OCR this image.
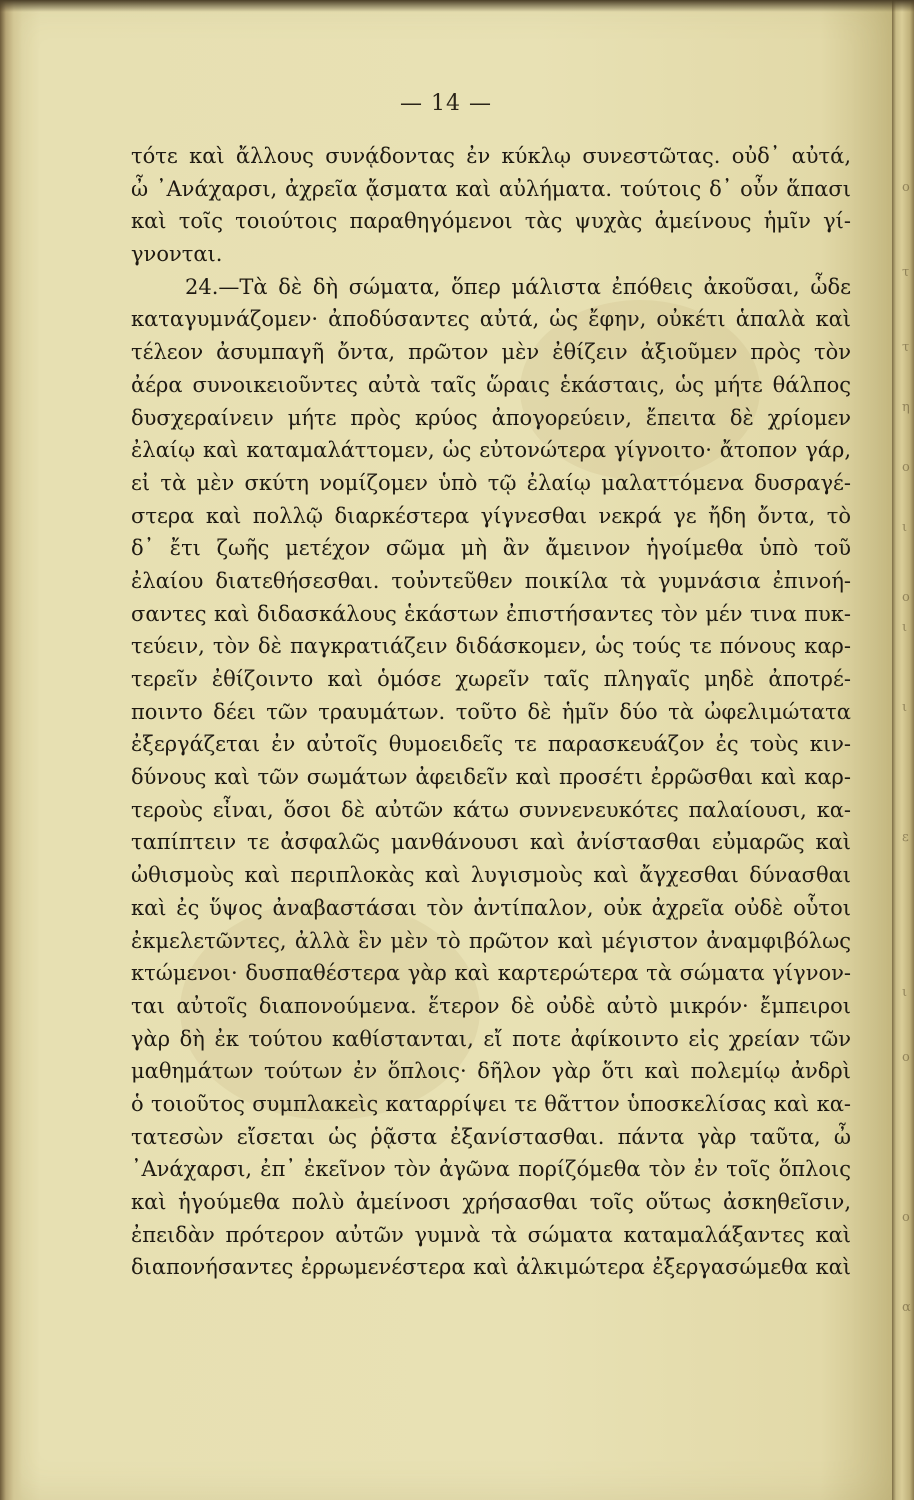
— 14 —
τότε καὶ ἄλλους συνᾴδοντας ἐν κύκλῳ συνεστῶτας. οὐδ᾽ αὐτά,
ὦ ᾽Ανάχαρσι, ἀχρεῖα ᾄσματα καὶ αὐλήματα. τούτοις δ᾽ οὖν ἅπασι
καὶ τοῖς τοιούτοις παραθηγόμενοι τὰς ψυχὰς ἀμείνους ἡμῖν γί-
γνονται.
24.—Τὰ δὲ δὴ σώματα, ὅπερ μάλιστα ἐπόθεις ἀκοῦσαι, ὧδε
καταγυμνάζομεν· ἀποδύσαντες αὐτά, ὡς ἔφην, οὐκέτι ἁπαλὰ καὶ
τέλεον ἀσυμπαγῆ ὄντα, πρῶτον μὲν ἐθίζειν ἀξιοῦμεν πρὸς τὸν
ἀέρα συνοικειοῦντες αὐτὰ ταῖς ὥραις ἑκάσταις, ὡς μήτε θάλπος
δυσχεραίνειν μήτε πρὸς κρύος ἀπογορεύειν, ἔπειτα δὲ χρίομεν
ἐλαίῳ καὶ καταμαλάττομεν, ὡς εὐτονώτερα γίγνοιτο· ἄτοπον γάρ,
εἰ τὰ μὲν σκύτη νομίζομεν ὑπὸ τῷ ἐλαίῳ μαλαττόμενα δυσραγέ-
στερα καὶ πολλῷ διαρκέστερα γίγνεσθαι νεκρά γε ἤδη ὄντα, τὸ
δ᾽ ἔτι ζωῆς μετέχον σῶμα μὴ ἂν ἄμεινον ἡγοίμεθα ὑπὸ τοῦ
ἐλαίου διατεθήσεσθαι. τοὐντεῦθεν ποικίλα τὰ γυμνάσια ἐπινοή-
σαντες καὶ διδασκάλους ἑκάστων ἐπιστήσαντες τὸν μέν τινα πυκ-
τεύειν, τὸν δὲ παγκρατιάζειν διδάσκομεν, ὡς τούς τε πόνους καρ-
τερεῖν ἐθίζοιντο καὶ ὁμόσε χωρεῖν ταῖς πληγαῖς μηδὲ ἀποτρέ-
ποιντο δέει τῶν τραυμάτων. τοῦτο δὲ ἡμῖν δύο τὰ ὠφελιμώτατα
ἐξεργάζεται ἐν αὐτοῖς θυμοειδεῖς τε παρασκευάζον ἐς τοὺς κιν-
δύνους καὶ τῶν σωμάτων ἀφειδεῖν καὶ προσέτι ἐρρῶσθαι καὶ καρ-
τεροὺς εἶναι, ὅσοι δὲ αὐτῶν κάτω συννενευκότες παλαίουσι, κα-
ταπίπτειν τε ἀσφαλῶς μανθάνουσι καὶ ἀνίστασθαι εὐμαρῶς καὶ
ὠθισμοὺς καὶ περιπλοκὰς καὶ λυγισμοὺς καὶ ἄγχεσθαι δύνασθαι
καὶ ἐς ὕψος ἀναβαστάσαι τὸν ἀντίπαλον, οὐκ ἀχρεῖα οὐδὲ οὗτοι
ἐκμελετῶντες, ἀλλὰ ἓν μὲν τὸ πρῶτον καὶ μέγιστον ἀναμφιβόλως
κτώμενοι· δυσπαθέστερα γὰρ καὶ καρτερώτερα τὰ σώματα γίγνον-
ται αὐτοῖς διαπονούμενα. ἕτερον δὲ οὐδὲ αὐτὸ μικρόν· ἔμπειροι
γὰρ δὴ ἐκ τούτου καθίστανται, εἴ ποτε ἀφίκοιντο εἰς χρείαν τῶν
μαθημάτων τούτων ἐν ὅπλοις· δῆλον γὰρ ὅτι καὶ πολεμίῳ ἀνδρὶ
ὁ τοιοῦτος συμπλακεὶς καταρρίψει τε θᾶττον ὑποσκελίσας καὶ κα-
τατεσὼν εἴσεται ὡς ῥᾷστα ἐξανίστασθαι. πάντα γὰρ ταῦτα, ὦ
᾽Ανάχαρσι, ἐπ᾽ ἐκεῖνον τὸν ἀγῶνα πορίζόμεθα τὸν ἐν τοῖς ὅπλοις
καὶ ἡγούμεθα πολὺ ἀμείνοσι χρήσασθαι τοῖς οὕτως ἀσκηθεῖσιν,
ἐπειδὰν πρότερον αὐτῶν γυμνὰ τὰ σώματα καταμαλάξαντες καὶ
διαπονήσαντες ἐρρωμενέστερα καὶ ἀλκιμώτερα ἐξεργασώμεθα καὶ
ο
τ
τ
η
ο
ι
ο
ι
ι
ε
ι
ο
ο
α
